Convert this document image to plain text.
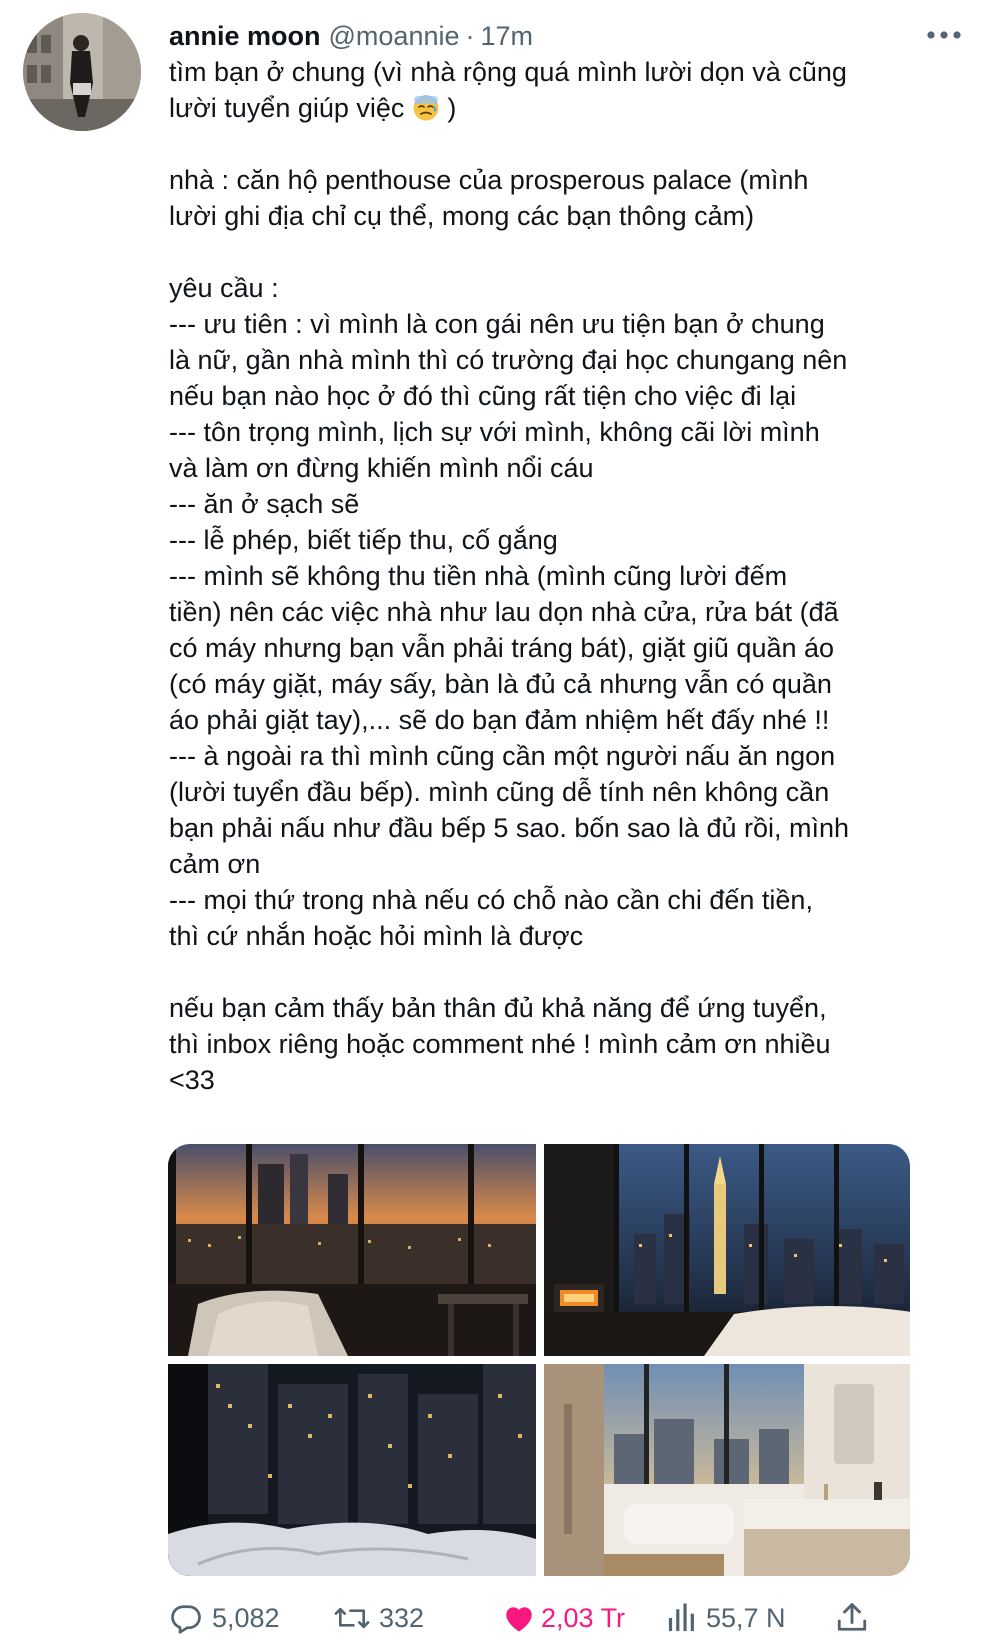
annie moon @moannie · 17m
tìm bạn ở chung (vì nhà rộng quá mình lười dọn và cũng
lười tuyển giúp việc  )
nhà : căn hộ penthouse của prosperous palace (mình
lười ghi địa chỉ cụ thể, mong các bạn thông cảm)
yêu cầu :
--- ưu tiên : vì mình là con gái nên ưu tiện bạn ở chung
là nữ, gần nhà mình thì có trường đại học chungang nên
nếu bạn nào học ở đó thì cũng rất tiện cho việc đi lại
--- tôn trọng mình, lịch sự với mình, không cãi lời mình
và làm ơn đừng khiến mình nổi cáu
--- ăn ở sạch sẽ
--- lễ phép, biết tiếp thu, cố gắng
--- mình sẽ không thu tiền nhà (mình cũng lười đếm
tiền) nên các việc nhà như lau dọn nhà cửa, rửa bát (đã
có máy nhưng bạn vẫn phải tráng bát), giặt giũ quần áo
(có máy giặt, máy sấy, bàn là đủ cả nhưng vẫn có quần
áo phải giặt tay),... sẽ do bạn đảm nhiệm hết đấy nhé !!
--- à ngoài ra thì mình cũng cần một người nấu ăn ngon
(lười tuyển đầu bếp). mình cũng dễ tính nên không cần
bạn phải nấu như đầu bếp 5 sao. bốn sao là đủ rồi, mình
cảm ơn
--- mọi thứ trong nhà nếu có chỗ nào cần chi đến tiền,
thì cứ nhắn hoặc hỏi mình là được
nếu bạn cảm thấy bản thân đủ khả năng để ứng tuyển,
thì inbox riêng hoặc comment nhé ! mình cảm ơn nhiều
<33
5,082	332	2,03 Tr	55,7 N
